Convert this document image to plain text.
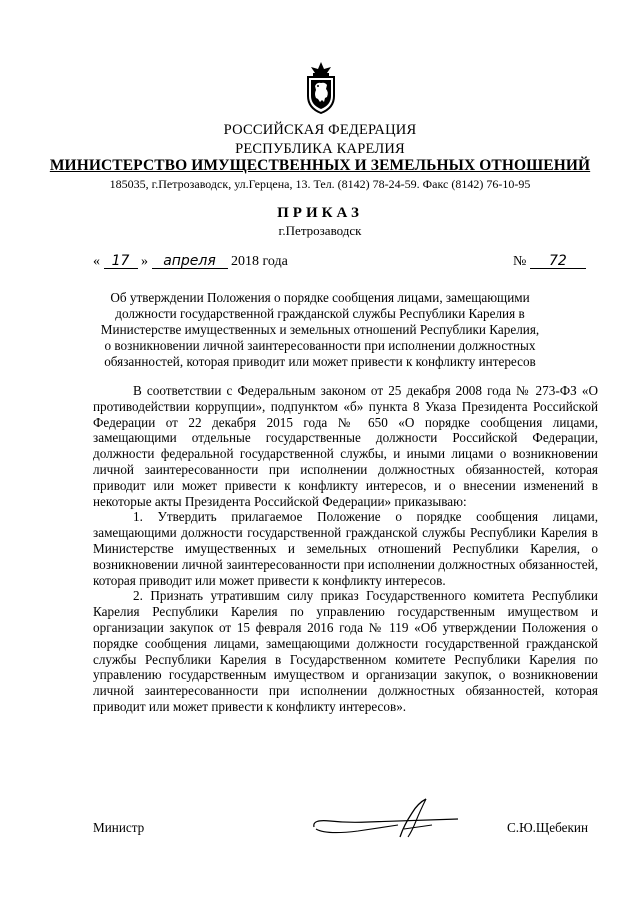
РОССИЙСКАЯ ФЕДЕРАЦИЯ
РЕСПУБЛИКА КАРЕЛИЯ
МИНИСТЕРСТВО ИМУЩЕСТВЕННЫХ И ЗЕМЕЛЬНЫХ ОТНОШЕНИЙ
185035, г.Петрозаводск, ул.Герцена, 13. Тел. (8142) 78-24-59. Факс (8142) 76-10-95
ПРИКАЗ
г.Петрозаводск
« 17 » апреля 2018 года	№ 72
Об утверждении Положения о порядке сообщения лицами, замещающими должности государственной гражданской службы Республики Карелия в Министерстве имущественных и земельных отношений Республики Карелия, о возникновении личной заинтересованности при исполнении должностных обязанностей, которая приводит или может привести к конфликту интересов

В соответствии с Федеральным законом от 25 декабря 2008 года № 273-ФЗ «О противодействии коррупции», подпунктом «б» пункта 8 Указа Президента Российской Федерации от 22 декабря 2015 года № 650 «О порядке сообщения лицами, замещающими отдельные государственные должности Российской Федерации, должности федеральной государственной службы, и иными лицами о возникновении личной заинтересованности при исполнении должностных обязанностей, которая приводит или может привести к конфликту интересов, и о внесении изменений в некоторые акты Президента Российской Федерации» приказываю:

1. Утвердить прилагаемое Положение о порядке сообщения лицами, замещающими должности государственной гражданской службы Республики Карелия в Министерстве имущественных и земельных отношений Республики Карелия, о возникновении личной заинтересованности при исполнении должностных обязанностей, которая приводит или может привести к конфликту интересов.

2. Признать утратившим силу приказ Государственного комитета Республики Карелия Республики Карелия по управлению государственным имуществом и организации закупок от 15 февраля 2016 года № 119 «Об утверждении Положения о порядке сообщения лицами, замещающими должности государственной гражданской службы Республики Карелия в Государственном комитете Республики Карелия по управлению государственным имуществом и организации закупок, о возникновении личной заинтересованности при исполнении должностных обязанностей, которая приводит или может привести к конфликту интересов».

Министр	С.Ю.Щебекин
